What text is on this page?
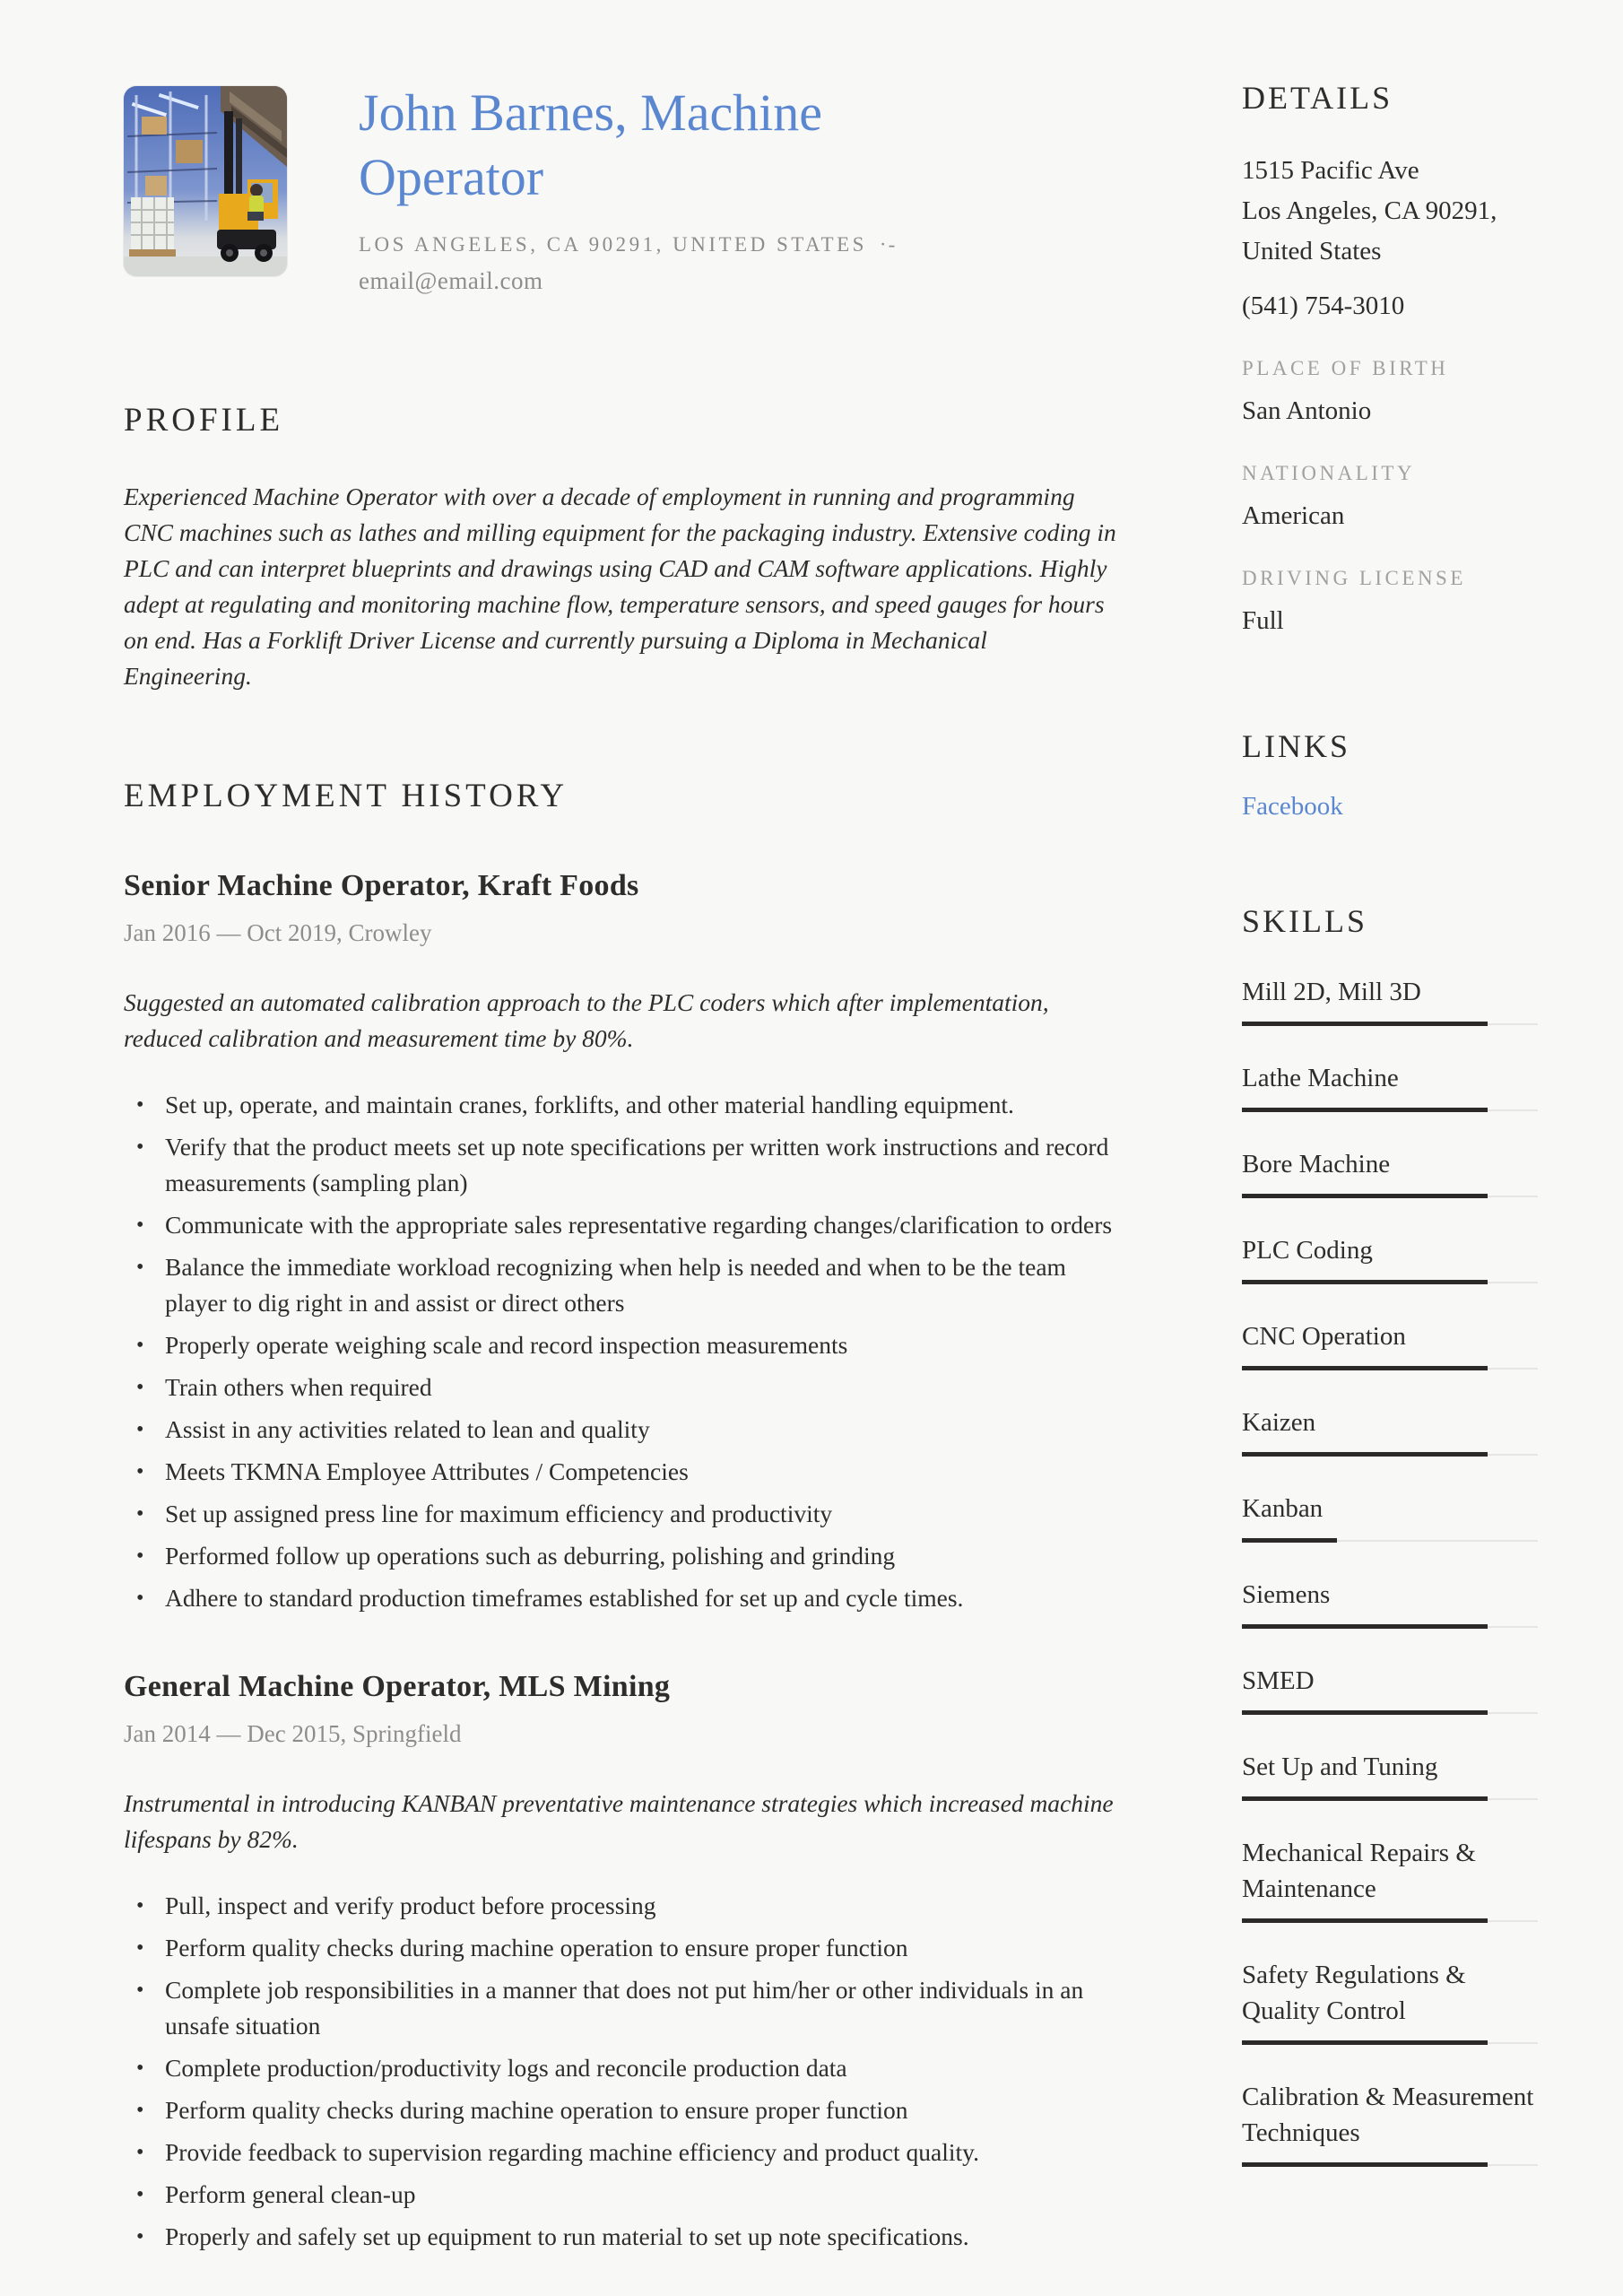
John Barnes, Machine Operator
LOS ANGELES, CA 90291, UNITED STATES ·-
email@email.com
PROFILE

Experienced Machine Operator with over a decade of employment in running and programming CNC machines such as lathes and milling equipment for the packaging industry. Extensive coding in PLC and can interpret blueprints and drawings using CAD and CAM software applications. Highly adept at regulating and monitoring machine flow, temperature sensors, and speed gauges for hours on end. Has a Forklift Driver License and currently pursuing a Diploma in Mechanical Engineering.

EMPLOYMENT HISTORY
Senior Machine Operator, Kraft Foods
Jan 2016 — Oct 2019, Crowley

Suggested an automated calibration approach to the PLC coders which after implementation, reduced calibration and measurement time by 80%.

• Set up, operate, and maintain cranes, forklifts, and other material handling equipment.
• Verify that the product meets set up note specifications per written work instructions and record measurements (sampling plan)
• Communicate with the appropriate sales representative regarding changes/clarification to orders
• Balance the immediate workload recognizing when help is needed and when to be the team player to dig right in and assist or direct others
• Properly operate weighing scale and record inspection measurements
• Train others when required
• Assist in any activities related to lean and quality
• Meets TKMNA Employee Attributes / Competencies
• Set up assigned press line for maximum efficiency and productivity
• Performed follow up operations such as deburring, polishing and grinding
• Adhere to standard production timeframes established for set up and cycle times.
General Machine Operator, MLS Mining
Jan 2014 — Dec 2015, Springfield

Instrumental in introducing KANBAN preventative maintenance strategies which increased machine lifespans by 82%.

• Pull, inspect and verify product before processing
• Perform quality checks during machine operation to ensure proper function
• Complete job responsibilities in a manner that does not put him/her or other individuals in an unsafe situation
• Complete production/productivity logs and reconcile production data
• Perform quality checks during machine operation to ensure proper function
• Provide feedback to supervision regarding machine efficiency and product quality.
• Perform general clean-up
• Properly and safely set up equipment to run material to set up note specifications.
DETAILS
1515 Pacific Ave
Los Angeles, CA 90291, United States
(541) 754-3010
PLACE OF BIRTH
San Antonio
NATIONALITY
American
DRIVING LICENSE
Full
LINKS
Facebook
SKILLS
Mill 2D, Mill 3D
Lathe Machine
Bore Machine
PLC Coding
CNC Operation
Kaizen
Kanban
Siemens
SMED
Set Up and Tuning
Mechanical Repairs & Maintenance
Safety Regulations & Quality Control
Calibration & Measurement Techniques
